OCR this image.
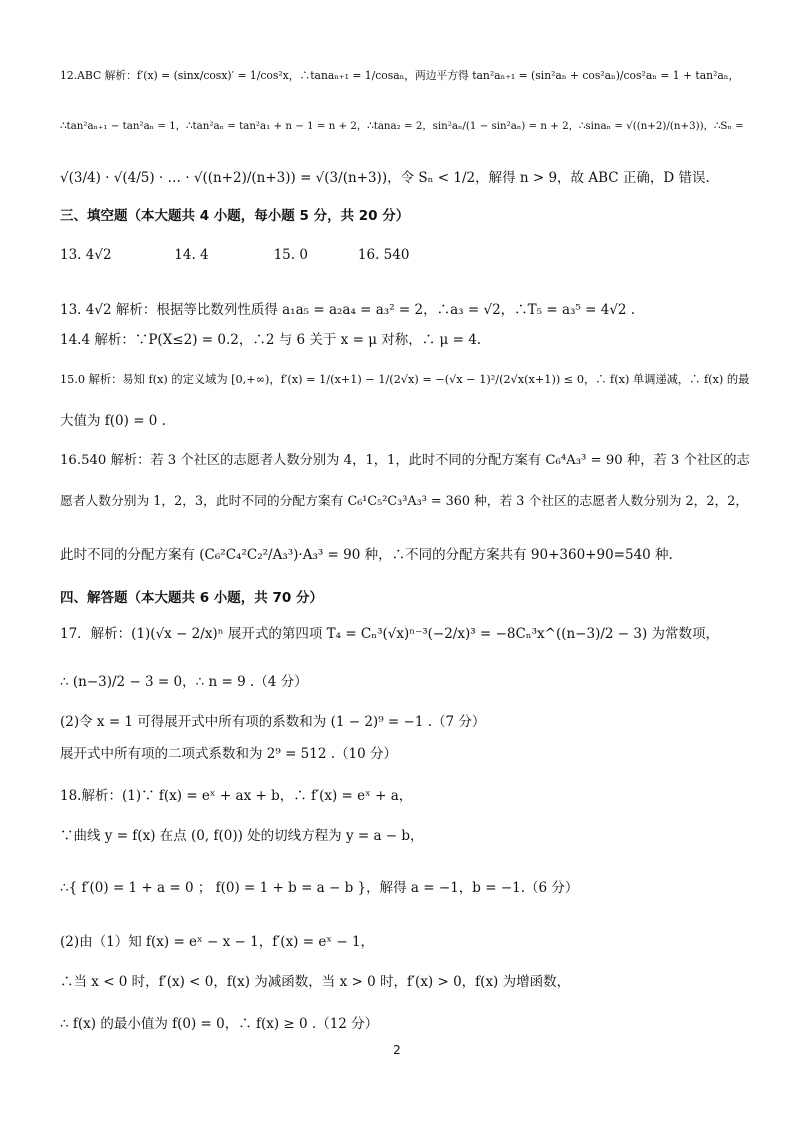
12.ABC 解析：f′(x) = (sinx/cosx)′ = 1/cos²x，∴tanaₙ₊₁ = 1/cosaₙ，两边平方得 tan²aₙ₊₁ = (sin²aₙ + cos²aₙ)/cos²aₙ = 1 + tan²aₙ，
∴tan²aₙ₊₁ − tan²aₙ = 1，∴tan²aₙ = tan²a₁ + n − 1 = n + 2，∴tana₂ = 2，sin²aₙ/(1 − sin²aₙ) = n + 2，∴sinaₙ = √((n+2)/(n+3))，∴Sₙ =
√(3/4) · √(4/5) · … · √((n+2)/(n+3)) = √(3/(n+3))，令 Sₙ < 1/2，解得 n > 9，故 ABC 正确，D 错误.
三、填空题（本大题共 4 小题，每小题 5 分，共 20 分）
13. 4√2	14. 4	15. 0	16. 540
13. 4√2 解析：根据等比数列性质得 a₁a₅ = a₂a₄ = a₃² = 2，∴a₃ = √2，∴T₅ = a₃⁵ = 4√2 .
14.4 解析：∵P(X≤2) = 0.2，∴2 与 6 关于 x = μ 对称，∴ μ = 4.
15.0 解析：易知 f(x) 的定义域为 [0,+∞)，f′(x) = 1/(x+1) − 1/(2√x) = −(√x − 1)²/(2√x(x+1)) ≤ 0，∴ f(x) 单调递减，∴ f(x) 的最
大值为 f(0) = 0 .
16.540 解析：若 3 个社区的志愿者人数分别为 4，1，1，此时不同的分配方案有 C₆⁴A₃³ = 90 种，若 3 个社区的志
愿者人数分别为 1，2，3，此时不同的分配方案有 C₆¹C₅²C₃³A₃³ = 360 种，若 3 个社区的志愿者人数分别为 2，2，2，
此时不同的分配方案有 (C₆²C₄²C₂²/A₃³)·A₃³ = 90 种，∴不同的分配方案共有 90+360+90=540 种.
四、解答题（本大题共 6 小题，共 70 分）
17．解析：(1)(√x − 2/x)ⁿ 展开式的第四项 T₄ = Cₙ³(√x)ⁿ⁻³(−2/x)³ = −8Cₙ³x^((n−3)/2 − 3) 为常数项，
∴ (n−3)/2 − 3 = 0，∴ n = 9 .（4 分）
(2)令 x = 1 可得展开式中所有项的系数和为 (1 − 2)⁹ = −1 .（7 分）
展开式中所有项的二项式系数和为 2⁹ = 512 .（10 分）
18.解析：(1)∵ f(x) = eˣ + ax + b，∴ f′(x) = eˣ + a，
∵曲线 y = f(x) 在点 (0, f(0)) 处的切线方程为 y = a − b，
∴{ f′(0) = 1 + a = 0 ； f(0) = 1 + b = a − b }，解得 a = −1，b = −1.（6 分）
(2)由（1）知 f(x) = eˣ − x − 1，f′(x) = eˣ − 1，
∴当 x < 0 时，f′(x) < 0，f(x) 为减函数，当 x > 0 时，f′(x) > 0，f(x) 为增函数，
∴ f(x) 的最小值为 f(0) = 0，∴ f(x) ≥ 0 .（12 分）
2
